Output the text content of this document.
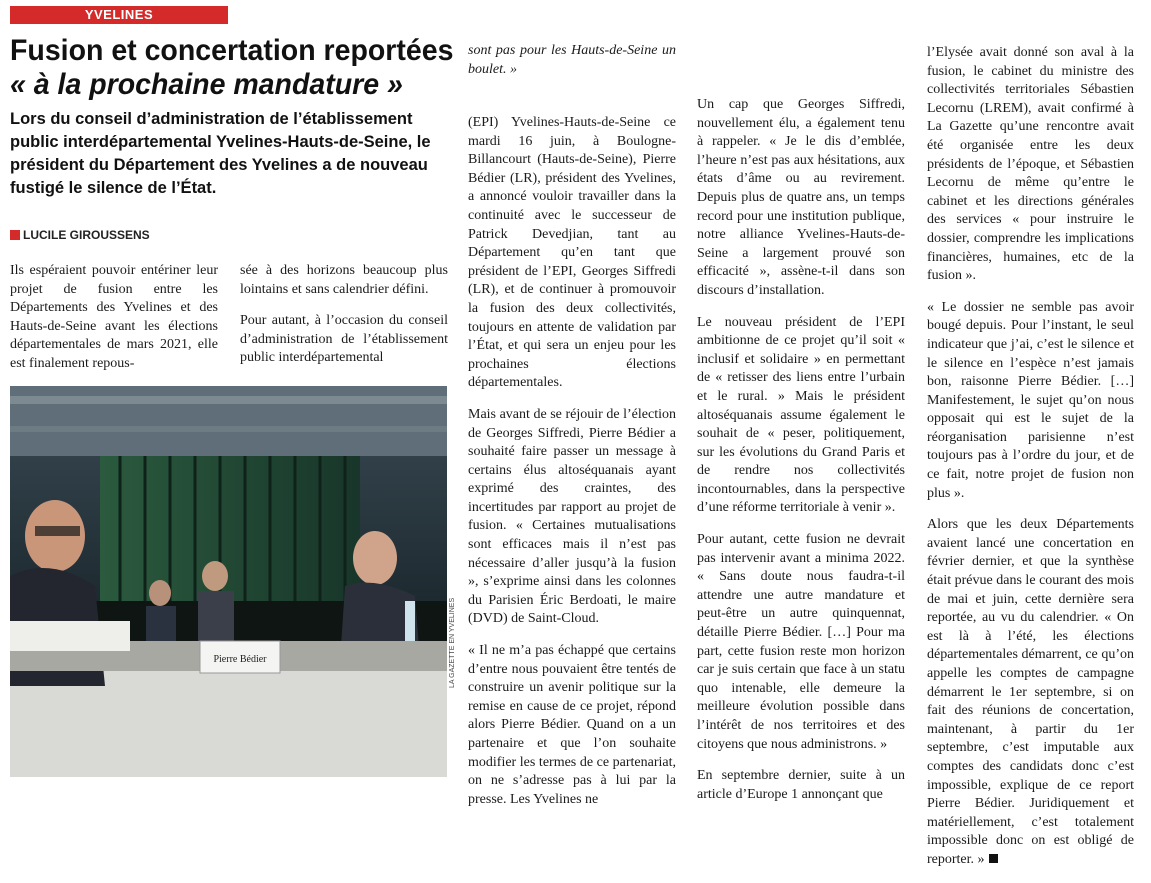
YVELINES
Fusion et concertation reportées
« à la prochaine mandature »
Lors du conseil d’administration de l’établissement public interdépartemental Yvelines-Hauts-de-Seine, le président du Département des Yvelines a de nouveau fustigé le silence de l’État.
LUCILE GIROUSSENS

Ils espéraient pouvoir entériner leur projet de fusion entre les Départements des Yvelines et des Hauts-de-Seine avant les élections départementales de mars 2021, elle est finalement repous-

sée à des horizons beaucoup plus lointains et sans calendrier défini.

Pour autant, à l’occasion du conseil d’administration de l’établissement public interdépartemental

Pierre Bédier	LA GAZETTE EN YVELINES

sont pas pour les Hauts-de-Seine un boulet. »

(EPI) Yvelines-Hauts-de-Seine ce mardi 16 juin, à Boulogne-Billancourt (Hauts-de-Seine), Pierre Bédier (LR), président des Yvelines, a annoncé vouloir travailler dans la continuité avec le successeur de Patrick Devedjian, tant au Département qu’en tant que président de l’EPI, Georges Siffredi (LR), et de continuer à promouvoir la fusion des deux collectivités, toujours en attente de validation par l’État, et qui sera un enjeu pour les prochaines élections départementales.

Mais avant de se réjouir de l’élection de Georges Siffredi, Pierre Bédier a souhaité faire passer un message à certains élus altoséquanais ayant exprimé des craintes, des incertitudes par rapport au projet de fusion. « Certaines mutualisations sont efficaces mais il n’est pas nécessaire d’aller jusqu’à la fusion », s’exprime ainsi dans les colonnes du Parisien Éric Berdoati, le maire (DVD) de Saint-Cloud.

« Il ne m’a pas échappé que certains d’entre nous pouvaient être tentés de construire un avenir politique sur la remise en cause de ce projet, répond alors Pierre Bédier. Quand on a un partenaire et que l’on souhaite modifier les termes de ce partenariat, on ne s’adresse pas à lui par la presse. Les Yvelines ne

Un cap que Georges Siffredi, nouvellement élu, a également tenu à rappeler. « Je le dis d’emblée, l’heure n’est pas aux hésitations, aux états d’âme ou au revirement. Depuis plus de quatre ans, un temps record pour une institution publique, notre alliance Yvelines-Hauts-de-Seine a largement prouvé son efficacité », assène-t-il dans son discours d’installation.

Le nouveau président de l’EPI ambitionne de ce projet qu’il soit « inclusif et solidaire » en permettant de « retisser des liens entre l’urbain et le rural. » Mais le président altoséquanais assume également le souhait de « peser, politiquement, sur les évolutions du Grand Paris et de rendre nos collectivités incontournables, dans la perspective d’une réforme territoriale à venir ».

Pour autant, cette fusion ne devrait pas intervenir avant a minima 2022. « Sans doute nous faudra-t-il attendre une autre mandature et peut-être un autre quinquennat, détaille Pierre Bédier. […] Pour ma part, cette fusion reste mon horizon car je suis certain que face à un statu quo intenable, elle demeure la meilleure évolution possible dans l’intérêt de nos territoires et des citoyens que nous administrons. »

En septembre dernier, suite à un article d’Europe 1 annonçant que

l’Elysée avait donné son aval à la fusion, le cabinet du ministre des collectivités territoriales Sébastien Lecornu (LREM), avait confirmé à La Gazette qu’une rencontre avait été organisée entre les deux présidents de l’époque, et Sébastien Lecornu de même qu’entre le cabinet et les directions générales des services « pour instruire le dossier, comprendre les implications financières, humaines, etc de la fusion ».

« Le dossier ne semble pas avoir bougé depuis. Pour l’instant, le seul indicateur que j’ai, c’est le silence et le silence en l’espèce n’est jamais bon, raisonne Pierre Bédier. […] Manifestement, le sujet qu’on nous opposait qui est le sujet de la réorganisation parisienne n’est toujours pas à l’ordre du jour, et de ce fait, notre projet de fusion non plus ».

Alors que les deux Départements avaient lancé une concertation en février dernier, et que la synthèse était prévue dans le courant des mois de mai et juin, cette dernière sera reportée, au vu du calendrier. « On est là à l’été, les élections départementales démarrent, ce qu’on appelle les comptes de campagne démarrent le 1er septembre, si on fait des réunions de concertation, maintenant, à partir du 1er septembre, c’est imputable aux comptes des candidats donc c’est impossible, explique de ce report Pierre Bédier. Juridiquement et matériellement, c’est totalement impossible donc on est obligé de reporter. »
